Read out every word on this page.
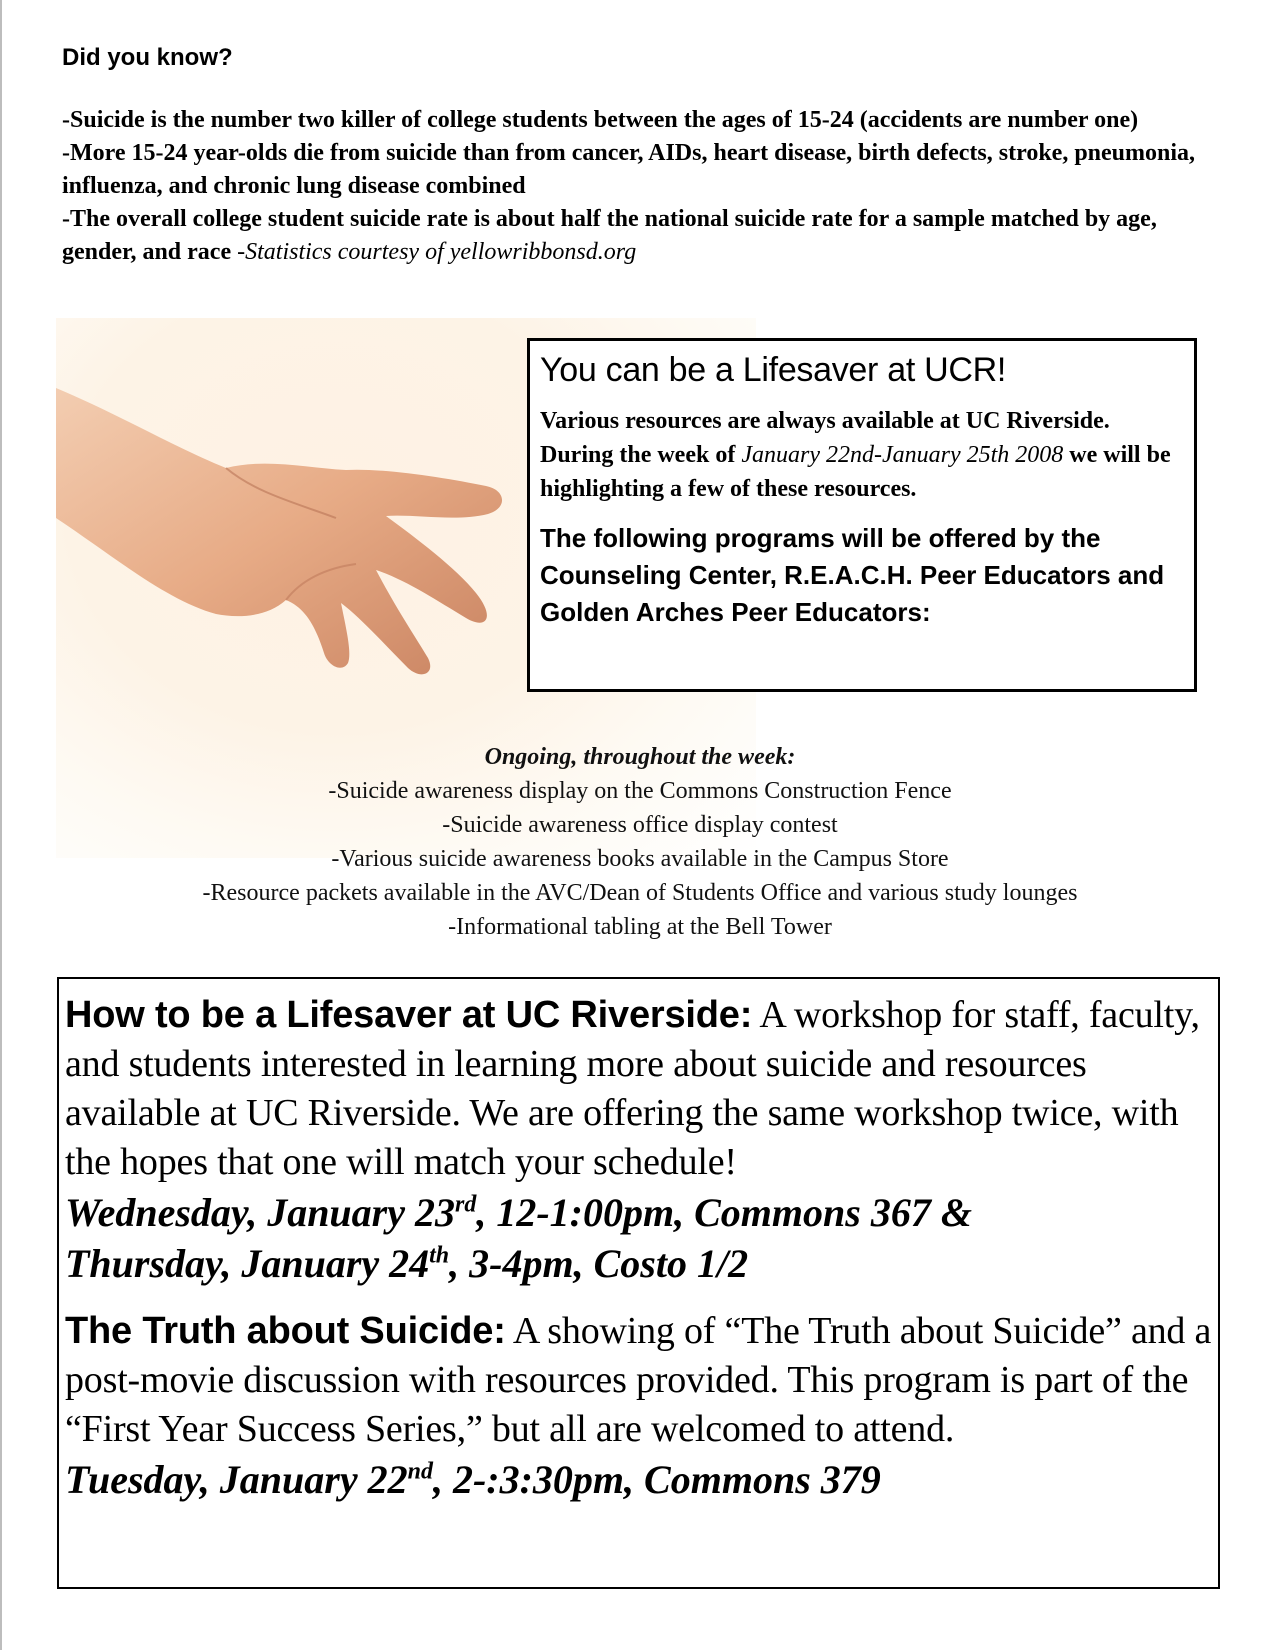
Did you know?

-Suicide is the number two killer of college students between the ages of 15-24 (accidents are number one)

-More 15-24 year-olds die from suicide than from cancer, AIDs, heart disease, birth defects, stroke, pneumonia, influenza, and chronic lung disease combined

-The overall college student suicide rate is about half the national suicide rate for a sample matched by age, gender, and race -Statistics courtesy of yellowribbonsd.org

You can be a Lifesaver at UCR!

Various resources are always available at UC Riverside. During the week of January 22nd-January 25th 2008 we will be highlighting a few of these resources.

The following programs will be offered by the Counseling Center, R.E.A.C.H. Peer Educators and Golden Arches Peer Educators:

Ongoing, throughout the week:
-Suicide awareness display on the Commons Construction Fence
-Suicide awareness office display contest
-Various suicide awareness books available in the Campus Store
-Resource packets available in the AVC/Dean of Students Office and various study lounges
-Informational tabling at the Bell Tower

How to be a Lifesaver at UC Riverside: A workshop for staff, faculty, and students interested in learning more about suicide and resources available at UC Riverside. We are offering the same workshop twice, with the hopes that one will match your schedule!

Wednesday, January 23rd, 12-1:00pm, Commons 367 &

Thursday, January 24th, 3-4pm, Costo 1/2

The Truth about Suicide: A showing of “The Truth about Suicide” and a post-movie discussion with resources provided. This program is part of the “First Year Success Series,” but all are welcomed to attend.

Tuesday, January 22nd, 2-:3:30pm, Commons 379
